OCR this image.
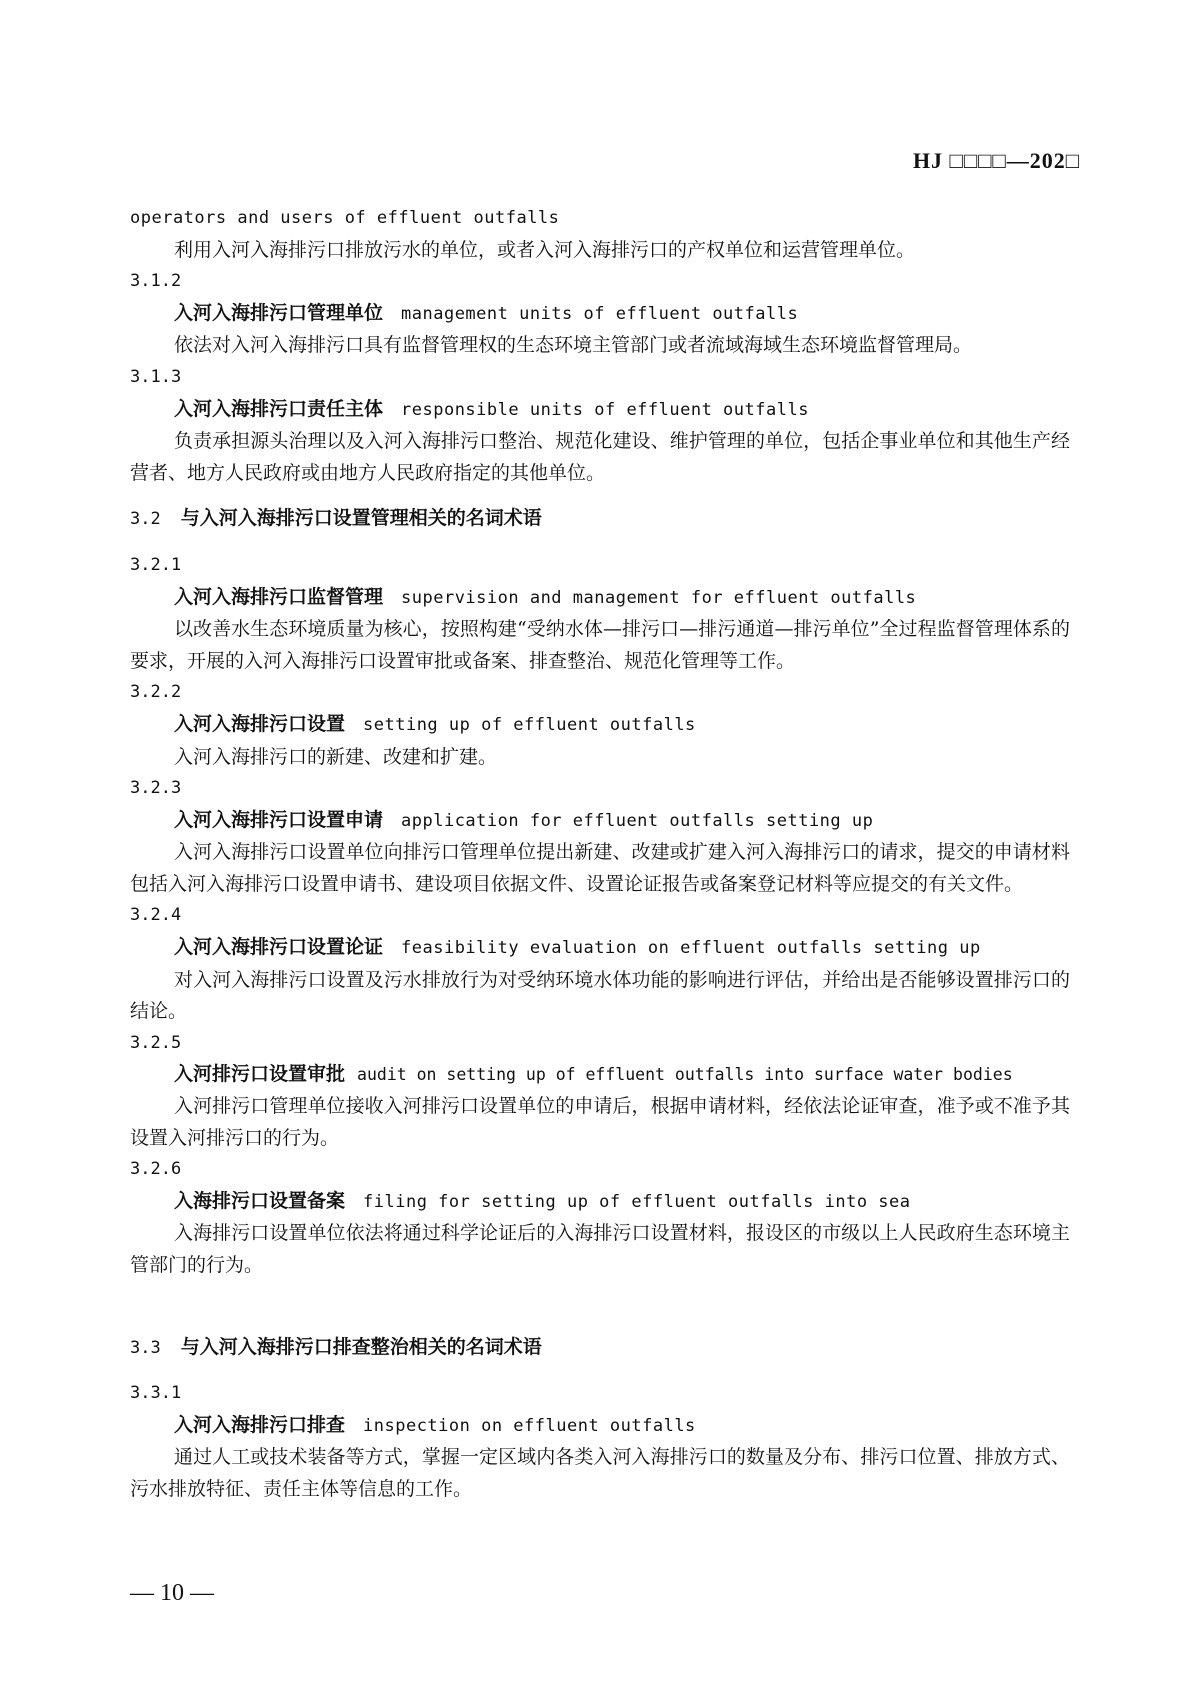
HJ □□□□—202□

operators and users of effluent outfalls

利用入河入海排污口排放污水的单位，或者入河入海排污口的产权单位和运营管理单位。

3.1.2

入河入海排污口管理单位 management units of effluent outfalls

依法对入河入海排污口具有监督管理权的生态环境主管部门或者流域海域生态环境监督管理局。

3.1.3

入河入海排污口责任主体 responsible units of effluent outfalls

负责承担源头治理以及入河入海排污口整治、规范化建设、维护管理的单位，包括企事业单位和其他生产经营者、地方人民政府或由地方人民政府指定的其他单位。

3.2 与入河入海排污口设置管理相关的名词术语

3.2.1

入河入海排污口监督管理 supervision and management for effluent outfalls

以改善水生态环境质量为核心，按照构建“受纳水体—排污口—排污通道—排污单位”全过程监督管理体系的要求，开展的入河入海排污口设置审批或备案、排查整治、规范化管理等工作。

3.2.2

入河入海排污口设置 setting up of effluent outfalls

入河入海排污口的新建、改建和扩建。

3.2.3

入河入海排污口设置申请 application for effluent outfalls setting up

入河入海排污口设置单位向排污口管理单位提出新建、改建或扩建入河入海排污口的请求，提交的申请材料包括入河入海排污口设置申请书、建设项目依据文件、设置论证报告或备案登记材料等应提交的有关文件。

3.2.4

入河入海排污口设置论证 feasibility evaluation on effluent outfalls setting up

对入河入海排污口设置及污水排放行为对受纳环境水体功能的影响进行评估，并给出是否能够设置排污口的结论。

3.2.5

入河排污口设置审批 audit on setting up of effluent outfalls into surface water bodies

入河排污口管理单位接收入河排污口设置单位的申请后，根据申请材料，经依法论证审查，准予或不准予其设置入河排污口的行为。

3.2.6

入海排污口设置备案 filing for setting up of effluent outfalls into sea

入海排污口设置单位依法将通过科学论证后的入海排污口设置材料，报设区的市级以上人民政府生态环境主管部门的行为。

3.3 与入河入海排污口排查整治相关的名词术语

3.3.1

入河入海排污口排查 inspection on effluent outfalls

通过人工或技术装备等方式，掌握一定区域内各类入河入海排污口的数量及分布、排污口位置、排放方式、污水排放特征、责任主体等信息的工作。

— 10 —
